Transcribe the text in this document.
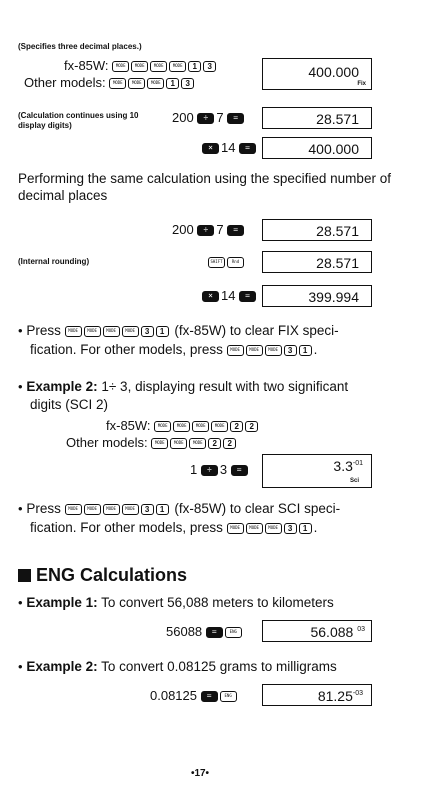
(Specifies three decimal places.)
fx-85W:	MODE	MODE	MODE	MODE 1 3
Other models:	MODE	MODE	MODE 1 3
400.000
Fix
(Calculation continues using 10 display digits)
200	÷ 7	=	28.571
× 14	=	400.000
Performing the same calculation using the specified number of decimal places
200	÷ 7	=	28.571
(Internal rounding)	SHIFT	Rnd	28.571
× 14	=	399.994
• Press	MODE	MODE	MODE	MODE 3 1 (fx-85W) to clear FIX speci-
fication. For other models, press	MODE	MODE	MODE 3 1 .
• Example 2: 1÷ 3, displaying result with two significant
digits (SCI 2)
fx-85W:	MODE	MODE	MODE	MODE 2 2
Other models:	MODE	MODE	MODE 2 2
1	÷ 3	=	$3.3^{-01}$
Sci
• Press	MODE	MODE	MODE	MODE 3 1 (fx-85W) to clear SCI speci-
fication. For other models, press	MODE	MODE	MODE 3 1 .
ENG Calculations
• Example 1: To convert 56,088 meters to kilometers
56088	=	ENG	56.088 $^{03}$
• Example 2: To convert 0.08125 grams to milligrams
0.08125	=	ENG	$81.25^{-03}$
•17•
